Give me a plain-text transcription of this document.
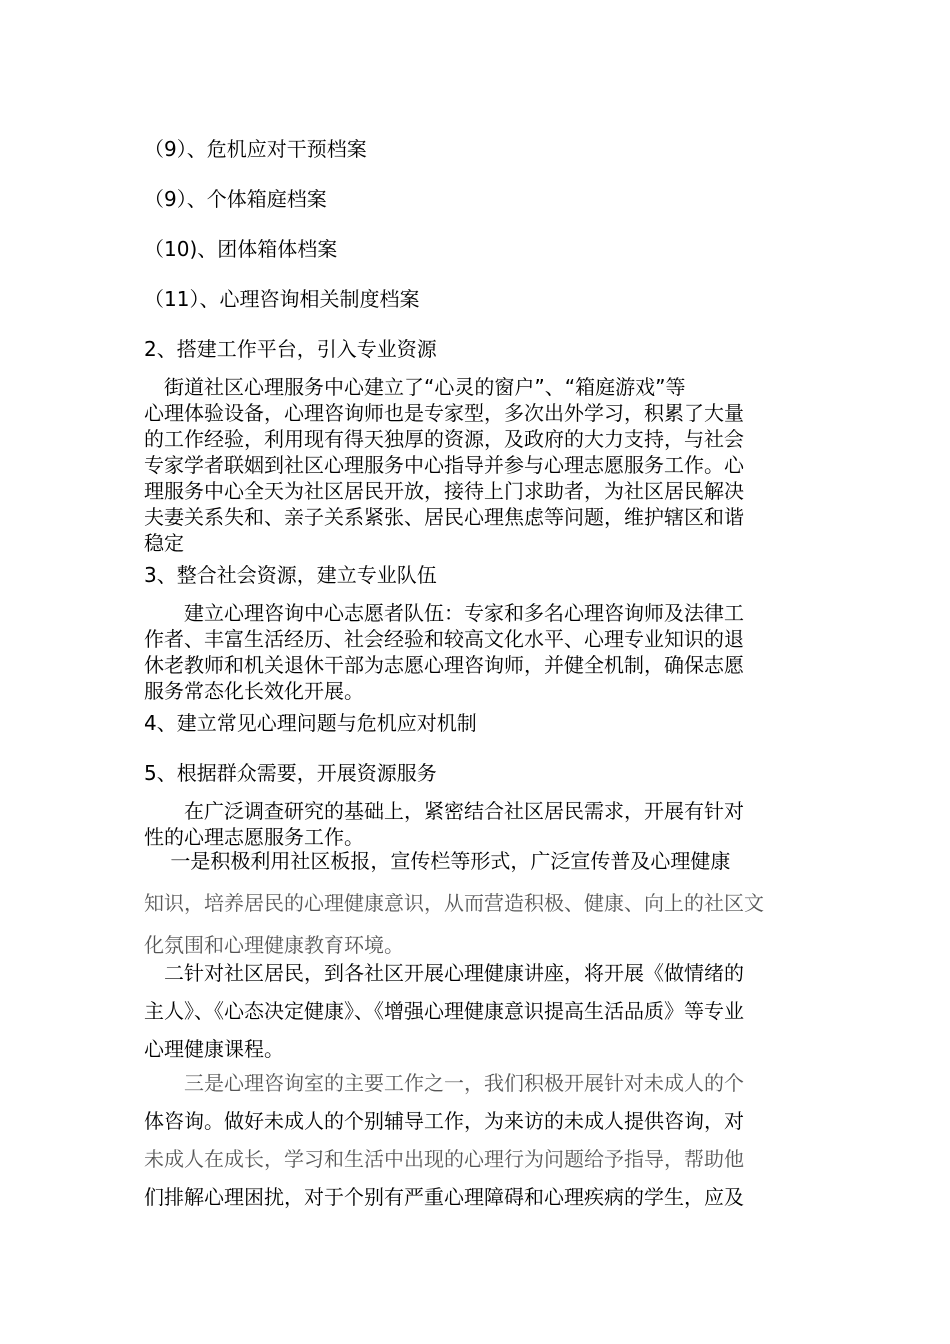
（9）、危机应对干预档案
（9）、个体箱庭档案
（10)、团体箱体档案
（11）、心理咨询相关制度档案
2、搭建工作平台，引入专业资源
　街道社区心理服务中心建立了“心灵的窗户”、“箱庭游戏”等
心理体验设备，心理咨询师也是专家型，多次出外学习，积累了大量
的工作经验，利用现有得天独厚的资源，及政府的大力支持，与社会
专家学者联姻到社区心理服务中心指导并参与心理志愿服务工作。心
理服务中心全天为社区居民开放，接待上门求助者，为社区居民解决
夫妻关系失和、亲子关系紧张、居民心理焦虑等问题，维护辖区和谐
稳定
3、整合社会资源，建立专业队伍
　　建立心理咨询中心志愿者队伍：专家和多名心理咨询师及法律工
作者、丰富生活经历、社会经验和较高文化水平、心理专业知识的退
休老教师和机关退休干部为志愿心理咨询师，并健全机制，确保志愿
服务常态化长效化开展。
4、建立常见心理问题与危机应对机制
5、根据群众需要，开展资源服务
　　在广泛调查研究的基础上，紧密结合社区居民需求，开展有针对
性的心理志愿服务工作。
　 一是积极利用社区板报，宣传栏等形式，广泛宣传普及心理健康
知识，培养居民的心理健康意识，从而营造积极、健康、向上的社区文
化氛围和心理健康教育环境。
　二针对社区居民，到各社区开展心理健康讲座，将开展《做情绪的
主人》、《心态决定健康》、《增强心理健康意识提高生活品质》等专业
心理健康课程。
　　三是心理咨询室的主要工作之一，我们积极开展针对未成人的个
体咨询。做好未成人的个别辅导工作，为来访的未成人提供咨询，对
未成人在成长，学习和生活中出现的心理行为问题给予指导，帮助他
们排解心理困扰，对于个别有严重心理障碍和心理疾病的学生，应及
